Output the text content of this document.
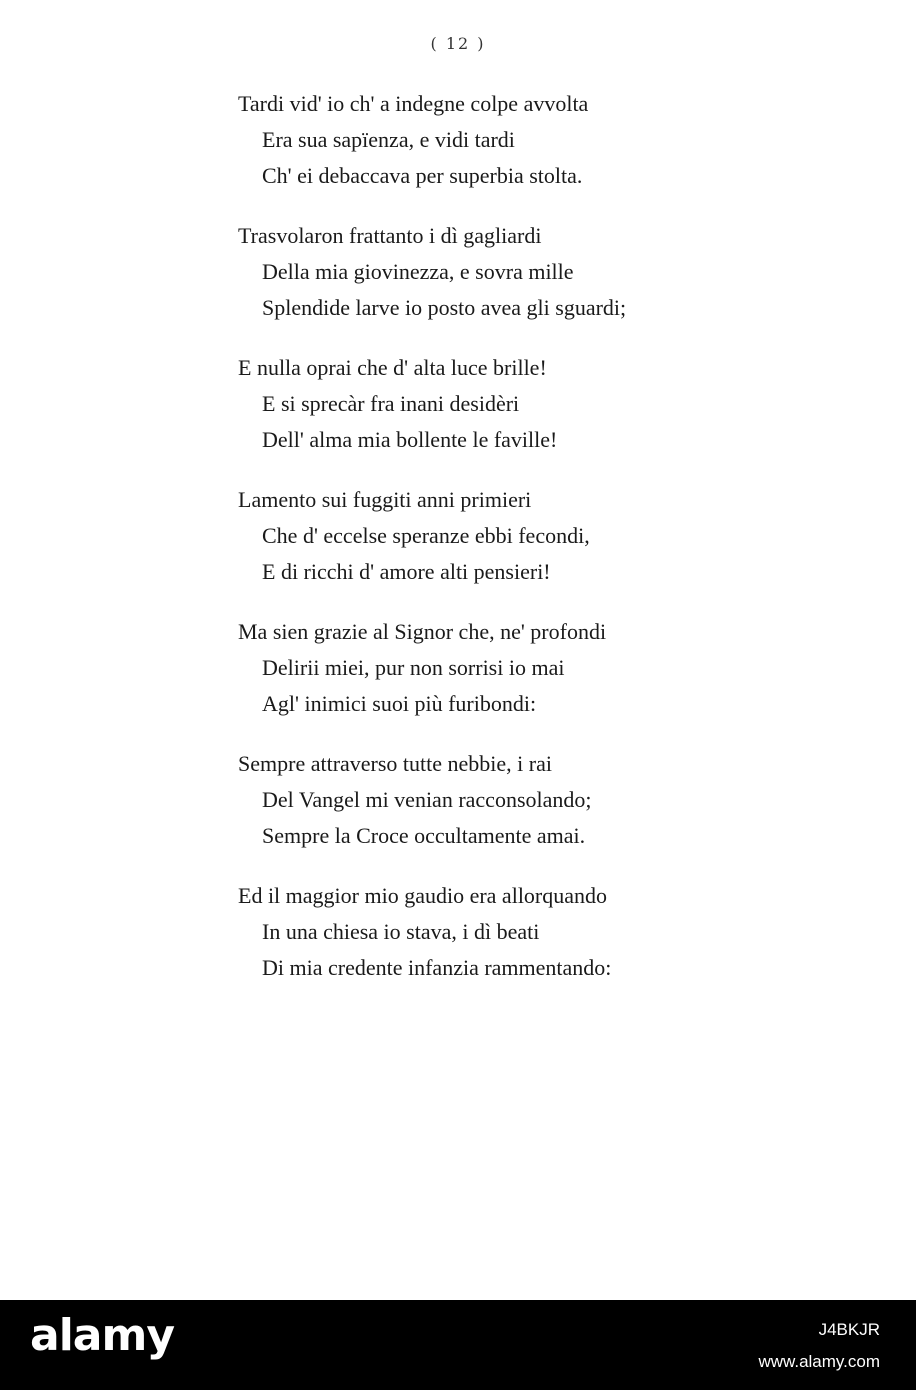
( 12 )
Tardi vid' io ch' a indegne colpe avvolta
Era sua sapïenza, e vidi tardi
Ch' ei debaccava per superbia stolta.
Trasvolaron frattanto i dì gagliardi
Della mia giovinezza, e sovra mille
Splendide larve io posto avea gli sguardi;
E nulla oprai che d' alta luce brille!
E si sprecàr fra inani desidèri
Dell' alma mia bollente le faville!
Lamento sui fuggiti anni primieri
Che d' eccelse speranze ebbi fecondi,
E di ricchi d' amore alti pensieri!
Ma sien grazie al Signor che, ne' profondi
Delirii miei, pur non sorrisi io mai
Agl' inimici suoi più furibondi:
Sempre attraverso tutte nebbie, i rai
Del Vangel mi venian racconsolando;
Sempre la Croce occultamente amai.
Ed il maggior mio gaudio era allorquando
In una chiesa io stava, i dì beati
Di mia credente infanzia rammentando:
alamy	J4BKJR
www.alamy.com
